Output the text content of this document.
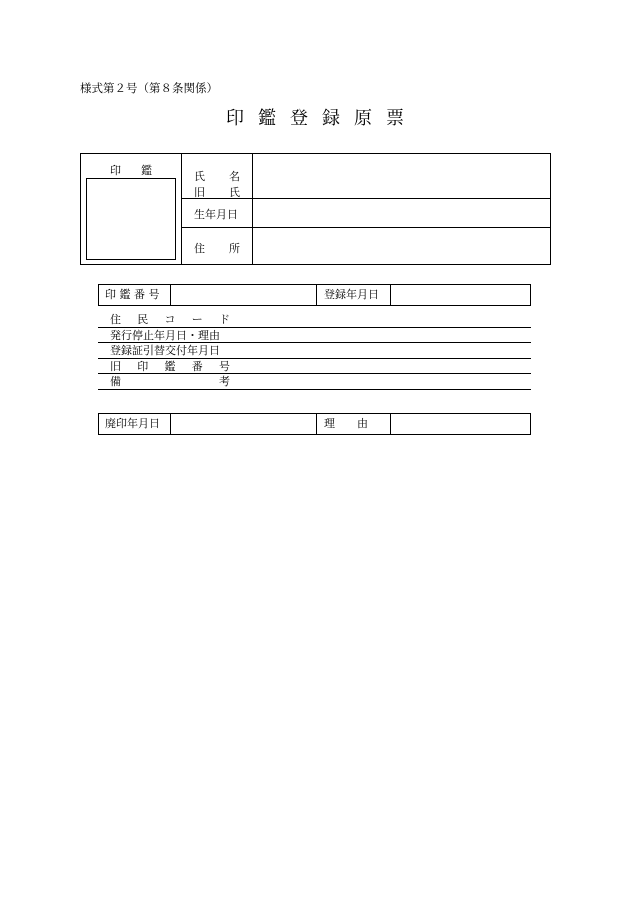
様式第２号（第８条関係）
印鑑登録原票
印鑑	氏 名
旧 氏
生年月日
住 所
印 鑑 番 号	登録年月日
住 民 コ ー ド
発行停止年月日・理由
登録証引替交付年月日
旧 印 鑑 番 号
備	考
廃印年月日	理　　由
